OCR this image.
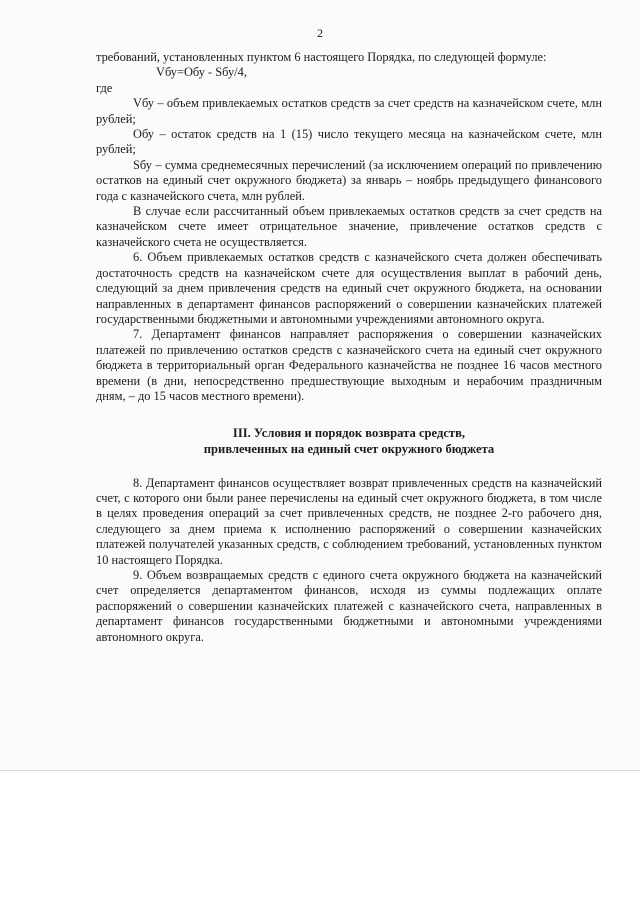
2

требований, установленных пунктом 6 настоящего Порядка, по следующей формуле:

Vбу=Oбу - Sбу/4,

где

Vбу – объем привлекаемых остатков средств за счет средств на казначейском счете, млн рублей;

Oбу – остаток средств на 1 (15) число текущего месяца на казначейском счете, млн рублей;

Sбу – сумма среднемесячных перечислений (за исключением операций по привлечению остатков на единый счет окружного бюджета) за январь – ноябрь предыдущего финансового года с казначейского счета, млн рублей.

В случае если рассчитанный объем привлекаемых остатков средств за счет средств на казначейском счете имеет отрицательное значение, привлечение остатков средств с казначейского счета не осуществляется.

6. Объем привлекаемых остатков средств с казначейского счета должен обеспечивать достаточность средств на казначейском счете для осуществления выплат в рабочий день, следующий за днем привлечения средств на единый счет окружного бюджета, на основании направленных в департамент финансов распоряжений о совершении казначейских платежей государственными бюджетными и автономными учреждениями автономного округа.

7. Департамент финансов направляет распоряжения о совершении казначейских платежей по привлечению остатков средств с казначейского счета на единый счет окружного бюджета в территориальный орган Федерального казначейства не позднее 16 часов местного времени (в дни, непосредственно предшествующие выходным и нерабочим праздничным дням, – до 15 часов местного времени).

III. Условия и порядок возврата средств,
привлеченных на единый счет окружного бюджета

8. Департамент финансов осуществляет возврат привлеченных средств на казначейский счет, с которого они были ранее перечислены на единый счет окружного бюджета, в том числе в целях проведения операций за счет привлеченных средств, не позднее 2-го рабочего дня, следующего за днем приема к исполнению распоряжений о совершении казначейских платежей получателей указанных средств, с соблюдением требований, установленных пунктом 10 настоящего Порядка.

9. Объем возвращаемых средств с единого счета окружного бюджета на казначейский счет определяется департаментом финансов, исходя из суммы подлежащих оплате распоряжений о совершении казначейских платежей с казначейского счета, направленных в департамент финансов государственными бюджетными и автономными учреждениями автономного округа.
